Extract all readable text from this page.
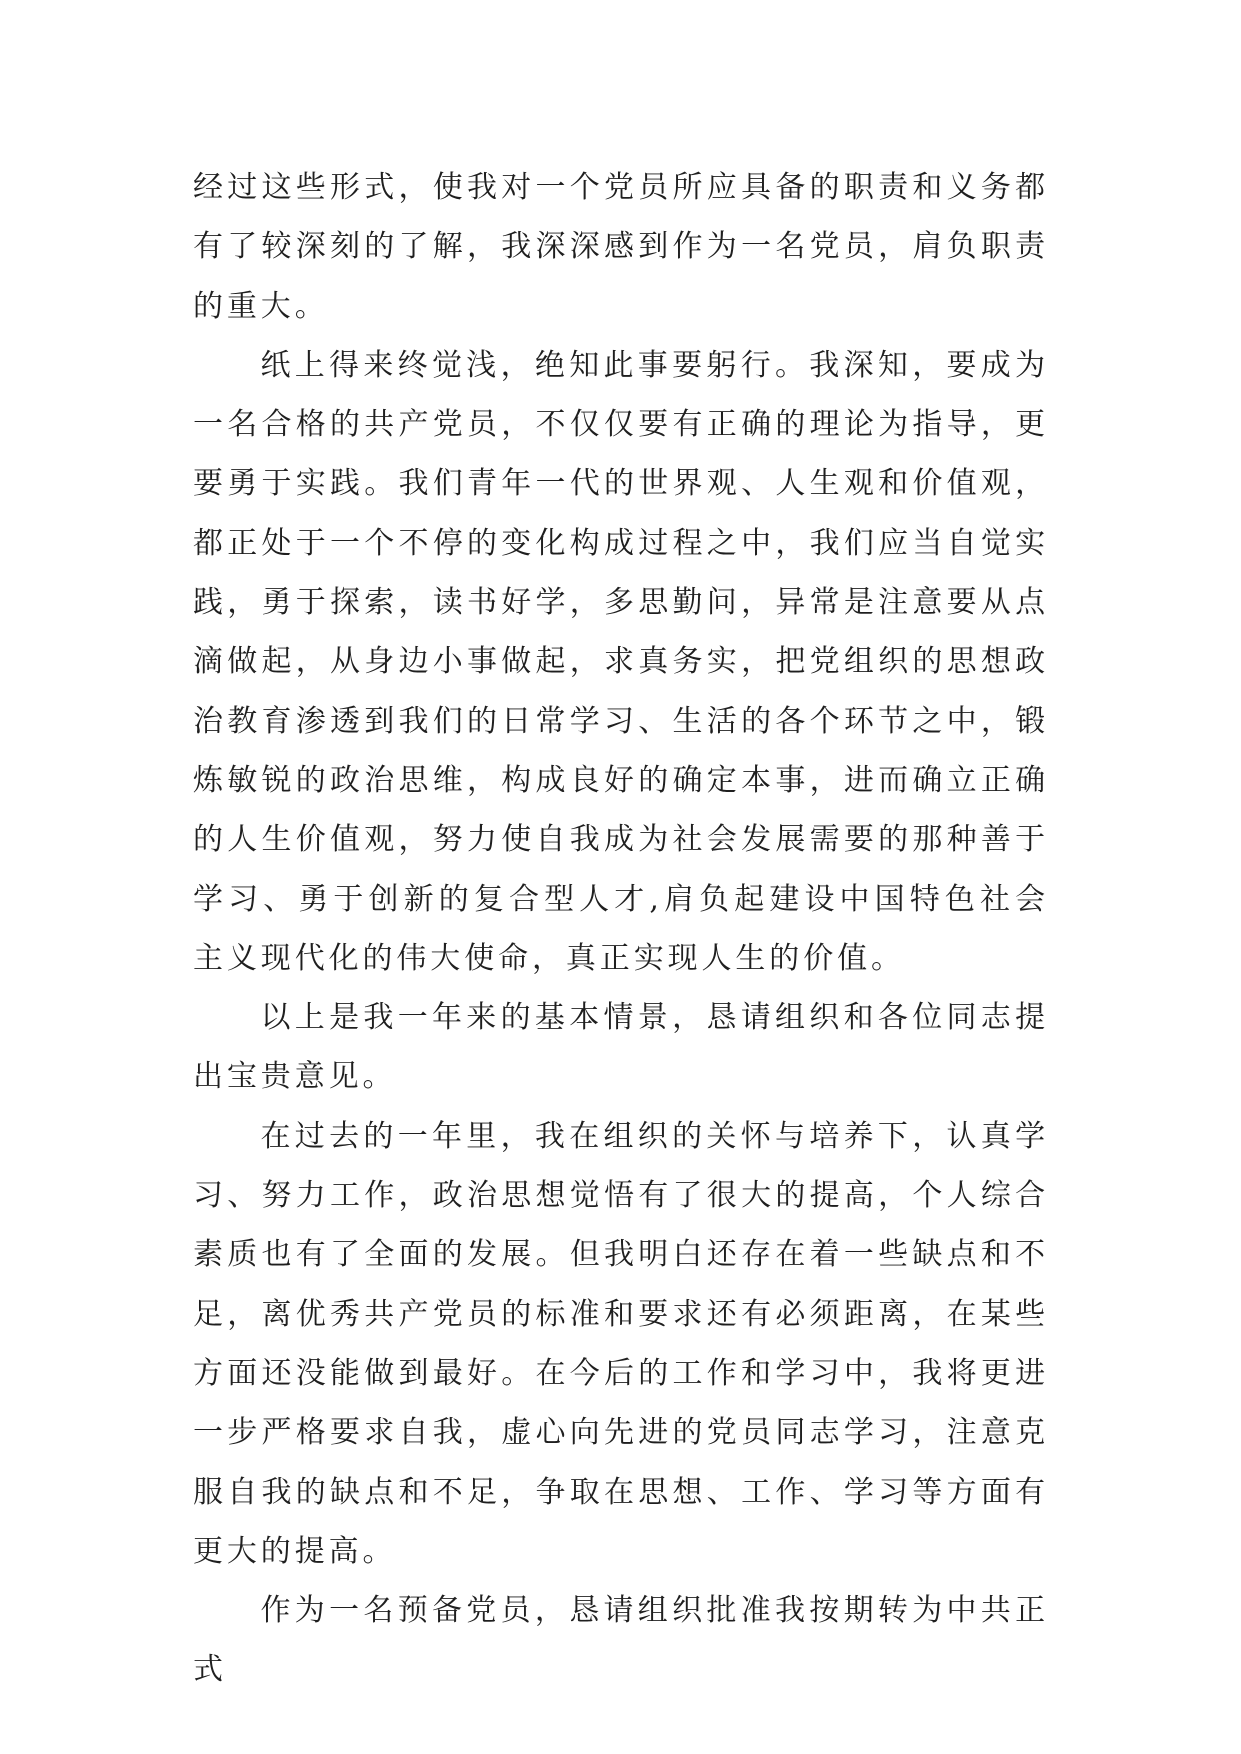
经过这些形式，使我对一个党员所应具备的职责和义务都有了较深刻的了解，我深深感到作为一名党员，肩负职责的重大。

纸上得来终觉浅，绝知此事要躬行。我深知，要成为一名合格的共产党员，不仅仅要有正确的理论为指导，更要勇于实践。我们青年一代的世界观、人生观和价值观，都正处于一个不停的变化构成过程之中，我们应当自觉实践，勇于探索，读书好学，多思勤问，异常是注意要从点滴做起，从身边小事做起，求真务实，把党组织的思想政治教育渗透到我们的日常学习、生活的各个环节之中，锻炼敏锐的政治思维，构成良好的确定本事，进而确立正确的人生价值观，努力使自我成为社会发展需要的那种善于学习、勇于创新的复合型人才,肩负起建设中国特色社会主义现代化的伟大使命，真正实现人生的价值。

以上是我一年来的基本情景，恳请组织和各位同志提出宝贵意见。

在过去的一年里，我在组织的关怀与培养下，认真学习、努力工作，政治思想觉悟有了很大的提高，个人综合素质也有了全面的发展。但我明白还存在着一些缺点和不足，离优秀共产党员的标准和要求还有必须距离，在某些方面还没能做到最好。在今后的工作和学习中，我将更进一步严格要求自我，虚心向先进的党员同志学习，注意克服自我的缺点和不足，争取在思想、工作、学习等方面有更大的提高。

作为一名预备党员，恳请组织批准我按期转为中共正式
